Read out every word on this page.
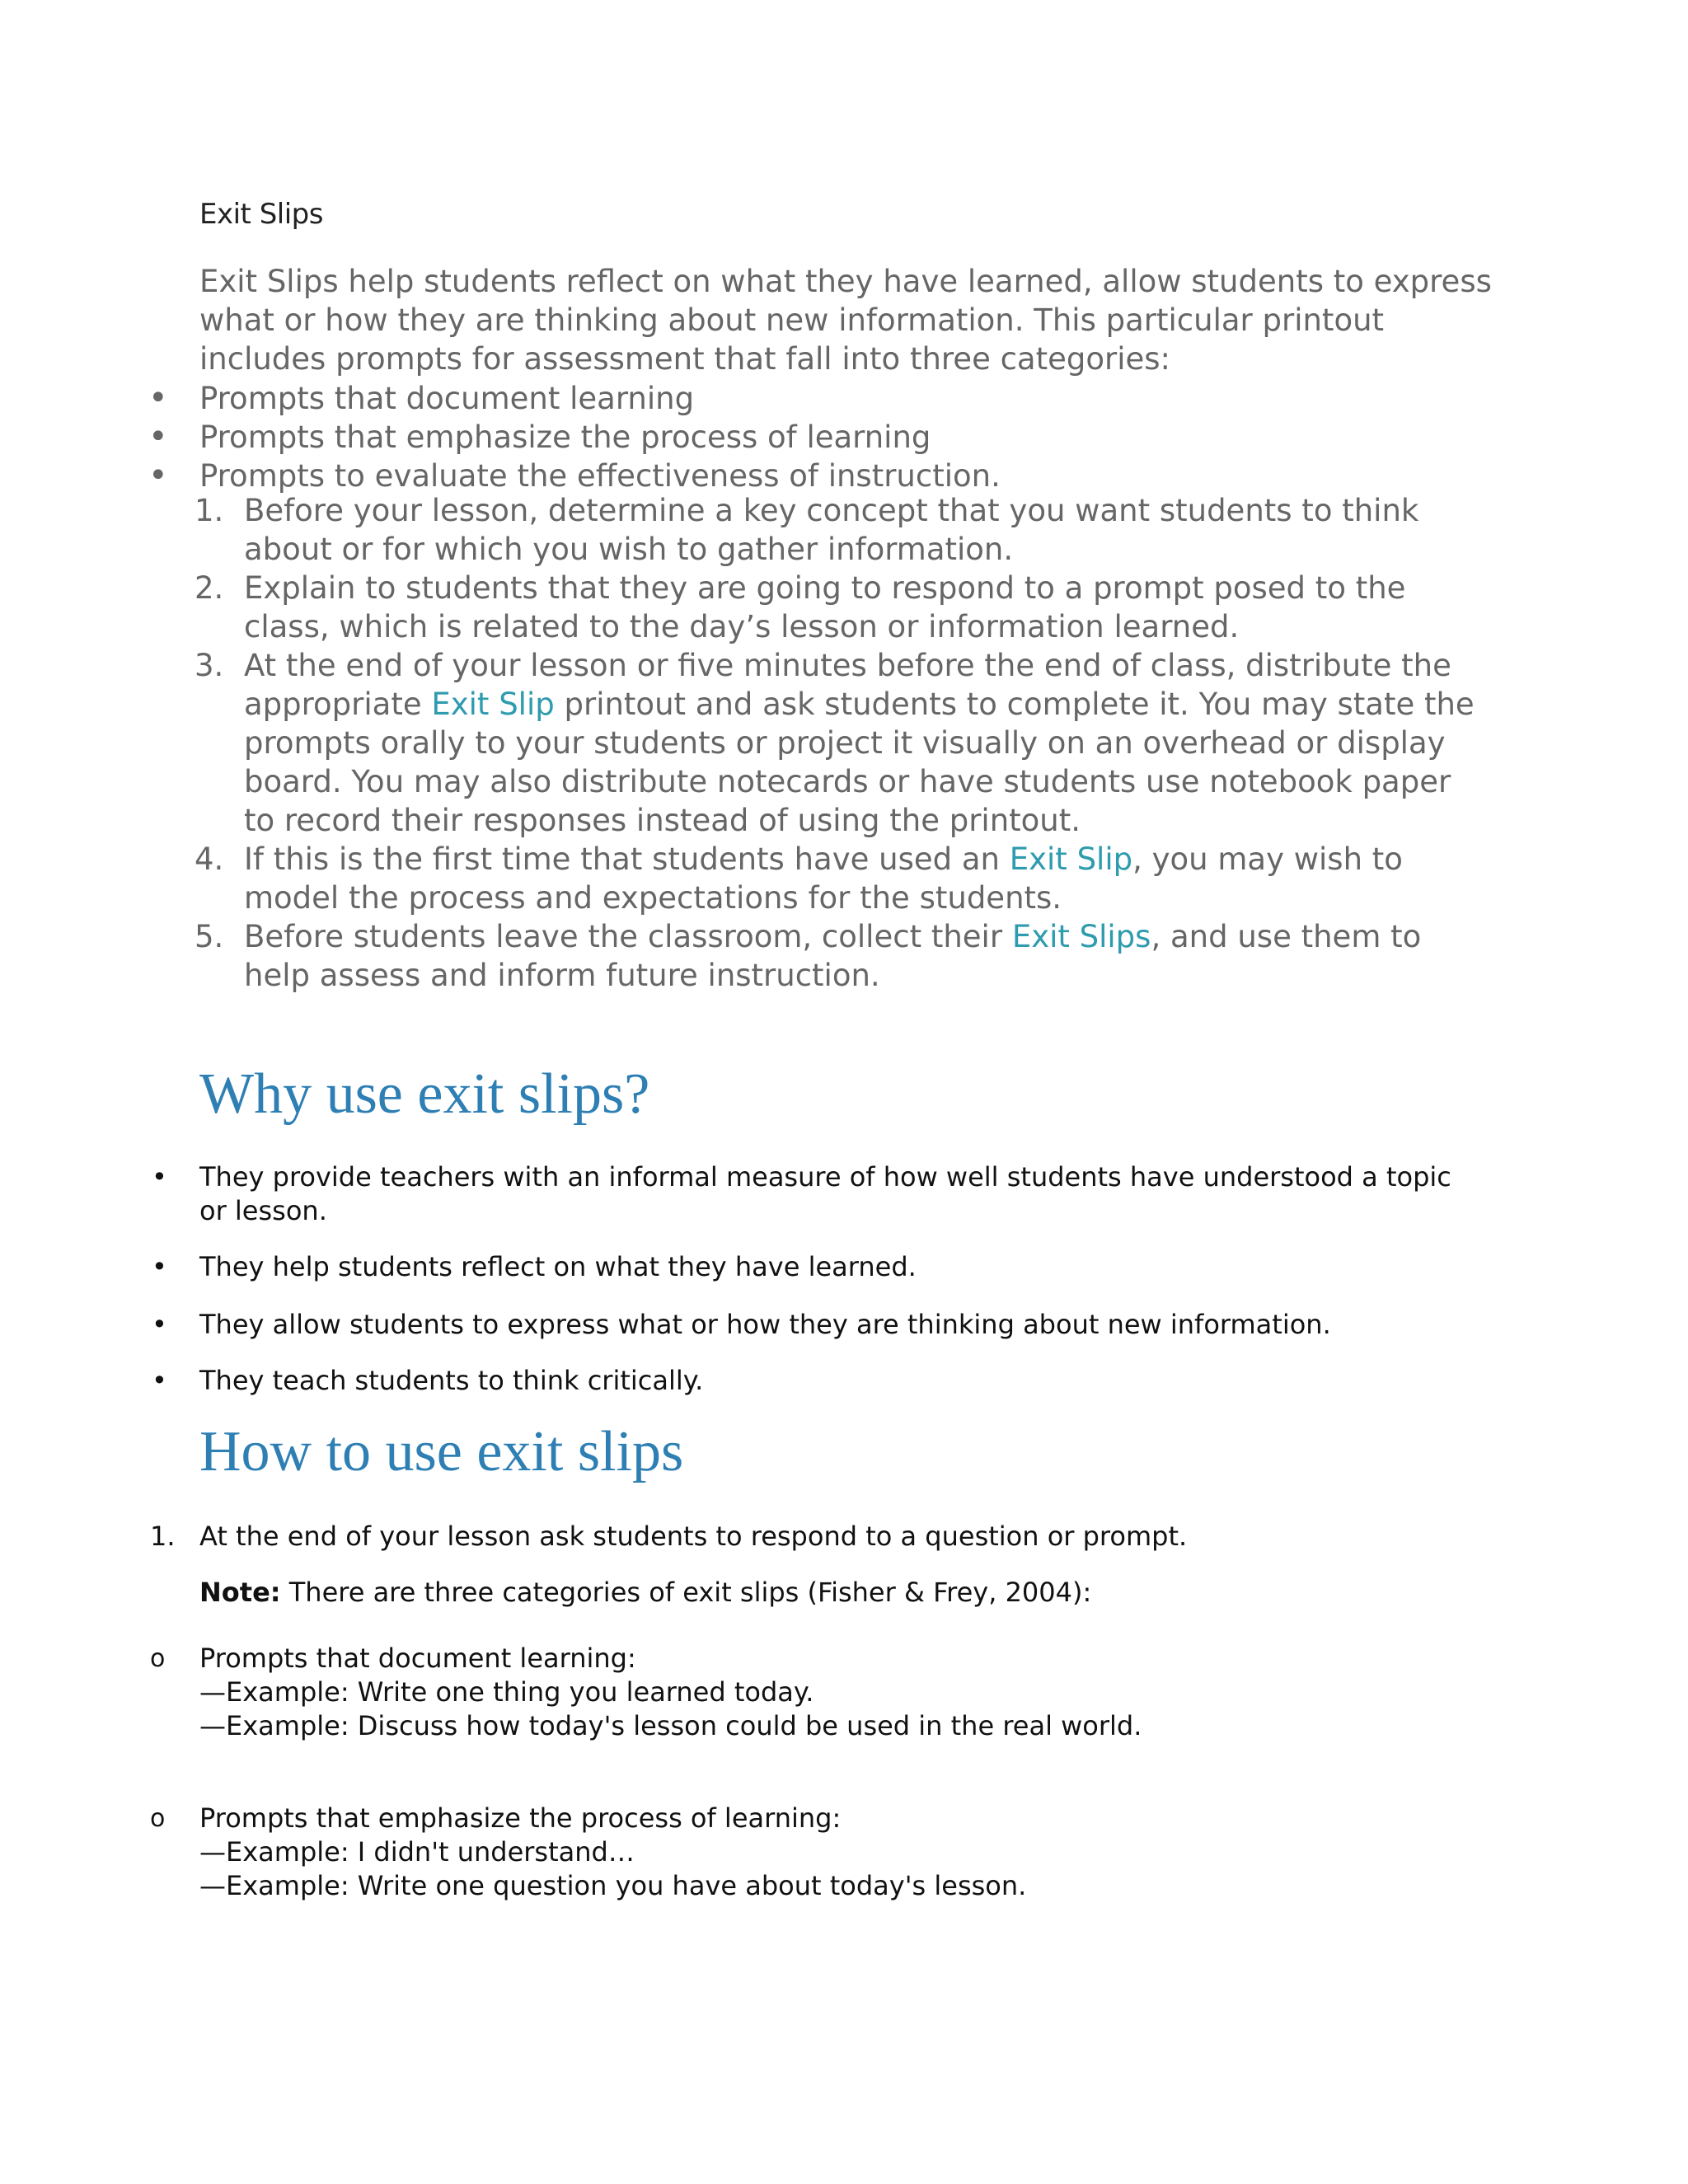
Exit Slips
Exit Slips help students reflect on what they have learned, allow students to express what or how they are thinking about new information. This particular printout includes prompts for assessment that fall into three categories:
• Prompts that document learning
• Prompts that emphasize the process of learning
• Prompts to evaluate the effectiveness of instruction.
1. Before your lesson, determine a key concept that you want students to think about or for which you wish to gather information.
2. Explain to students that they are going to respond to a prompt posed to the class, which is related to the day’s lesson or information learned.
3. At the end of your lesson or five minutes before the end of class, distribute the appropriate Exit Slip printout and ask students to complete it. You may state the prompts orally to your students or project it visually on an overhead or display board. You may also distribute notecards or have students use notebook paper to record their responses instead of using the printout.
4. If this is the first time that students have used an Exit Slip, you may wish to model the process and expectations for the students.
5. Before students leave the classroom, collect their Exit Slips, and use them to help assess and inform future instruction.
Why use exit slips?
• They provide teachers with an informal measure of how well students have understood a topic or lesson.
• They help students reflect on what they have learned.
• They allow students to express what or how they are thinking about new information.
• They teach students to think critically.
How to use exit slips
1. At the end of your lesson ask students to respond to a question or prompt.
Note: There are three categories of exit slips (Fisher & Frey, 2004):
o Prompts that document learning:
—Example: Write one thing you learned today.
—Example: Discuss how today's lesson could be used in the real world.
o Prompts that emphasize the process of learning:
—Example: I didn't understand…
—Example: Write one question you have about today's lesson.
